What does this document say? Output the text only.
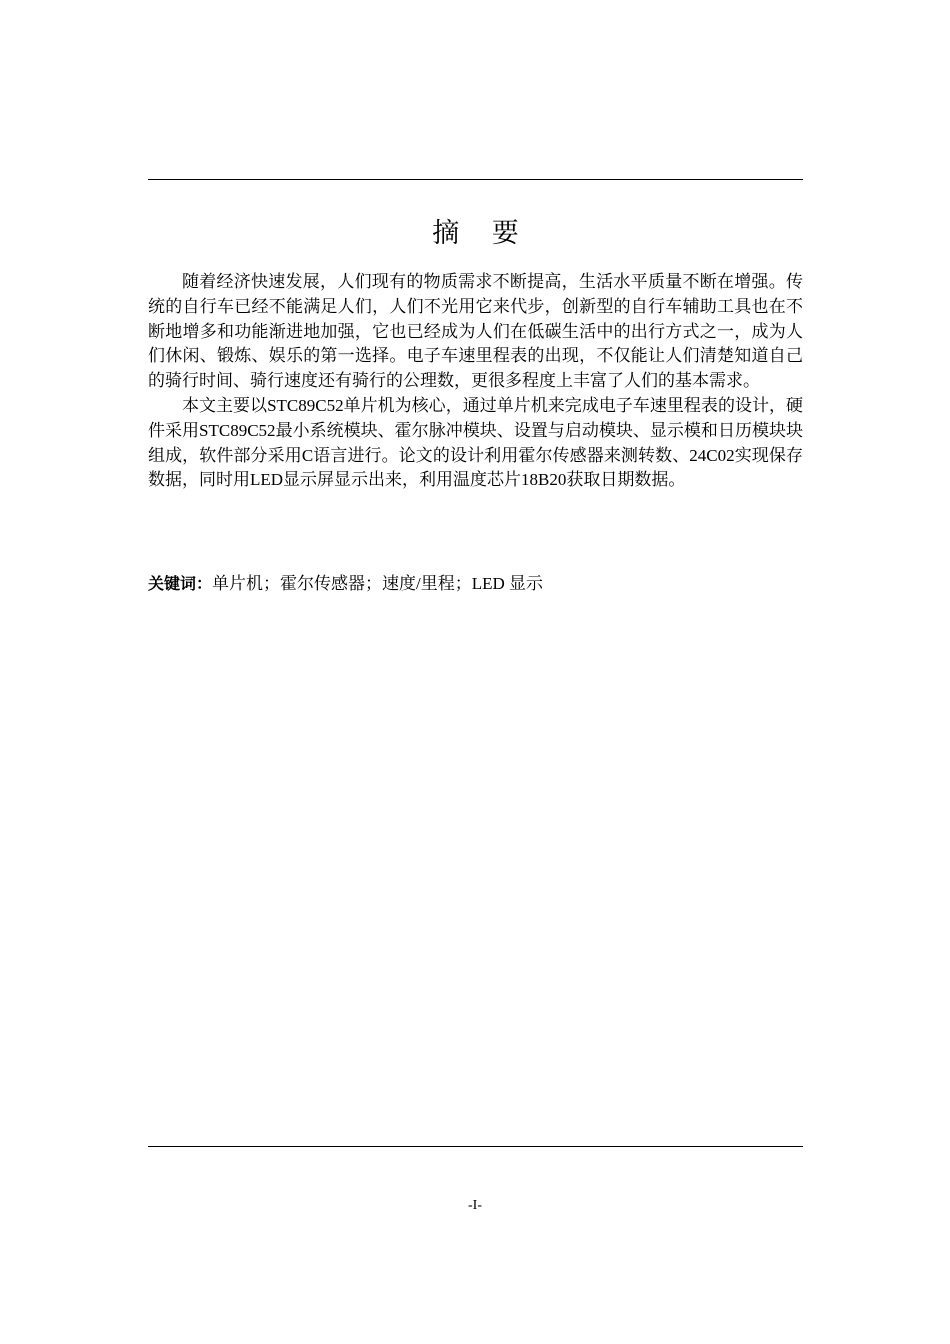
摘 要

随着经济快速发展，人们现有的物质需求不断提高，生活水平质量不断在增强。传统的自行车已经不能满足人们，人们不光用它来代步，创新型的自行车辅助工具也在不断地增多和功能渐进地加强，它也已经成为人们在低碳生活中的出行方式之一，成为人们休闲、锻炼、娱乐的第一选择。电子车速里程表的出现，不仅能让人们清楚知道自己的骑行时间、骑行速度还有骑行的公理数，更很多程度上丰富了人们的基本需求。

本文主要以STC89C52单片机为核心，通过单片机来完成电子车速里程表的设计，硬件采用STC89C52最小系统模块、霍尔脉冲模块、设置与启动模块、显示模和日历模块块组成，软件部分采用C语言进行。论文的设计利用霍尔传感器来测转数、24C02实现保存数据，同时用LED显示屏显示出来，利用温度芯片18B20获取日期数据。

关键词：单片机；霍尔传感器；速度/里程；LED 显示
-I-
